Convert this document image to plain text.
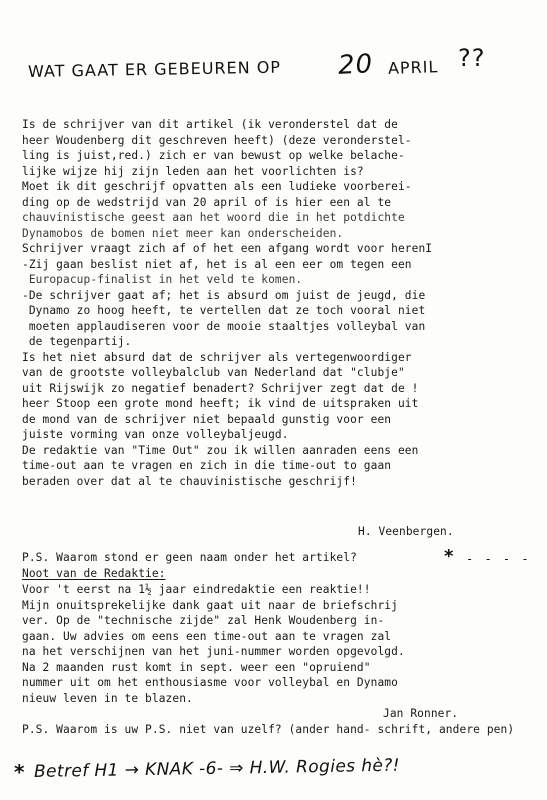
WAT GAAT ER GEBEUREN OP 20 APRIL ??
Is de schrijver van dit artikel (ik veronderstel dat de
heer Woudenberg dit geschreven heeft) (deze veronderstel-
ling is juist,red.) zich er van bewust op welke belache-
lijke wijze hij zijn leden aan het voorlichten is?
Moet ik dit geschrijf opvatten als een ludieke voorberei-
ding op de wedstrijd van 20 april of is hier een al te
chauvinistische geest aan het woord die in het potdichte
Dynamobos de bomen niet meer kan onderscheiden.
Schrijver vraagt zich af of het een afgang wordt voor herenI
-Zij gaan beslist niet af, het is al een eer om tegen een
Europacup-finalist in het veld te komen.
-De schrijver gaat af; het is absurd om juist de jeugd, die
Dynamo zo hoog heeft, te vertellen dat ze toch vooral niet
moeten applaudiseren voor de mooie staaltjes volleybal van
de tegenpartij.
Is het niet absurd dat de schrijver als vertegenwoordiger
van de grootste volleybalclub van Nederland dat "clubje"
uit Rijswijk zo negatief benadert? Schrijver zegt dat de !
heer Stoop een grote mond heeft; ik vind de uitspraken uit
de mond van de schrijver niet bepaald gunstig voor een
juiste vorming van onze volleybaljeugd.
De redaktie van "Time Out" zou ik willen aanraden eens een
time-out aan te vragen en zich in die time-out to gaan
beraden over dat al te chauvinistische geschrijf!
H. Veenbergen.
P.S. Waarom stond er geen naam onder het artikel?	* - - - -
Noot van de Redaktie:
Voor 't eerst na 1½ jaar eindredaktie een reaktie!!
Mijn onuitsprekelijke dank gaat uit naar de briefschrij
ver. Op de "technische zijde" zal Henk Woudenberg in-
gaan. Uw advies om eens een time-out aan te vragen zal
na het verschijnen van het juni-nummer worden opgevolgd.
Na 2 maanden rust komt in sept. weer een "opruiend"
nummer uit om het enthousiasme voor volleybal en Dynamo
nieuw leven in te blazen.
Jan Ronner.
P.S. Waarom is uw P.S. niet van uzelf? (ander hand- schrift, andere pen)
* Betref H1 → KNAK -6- ⇒ H.W. Rogies hè?!
